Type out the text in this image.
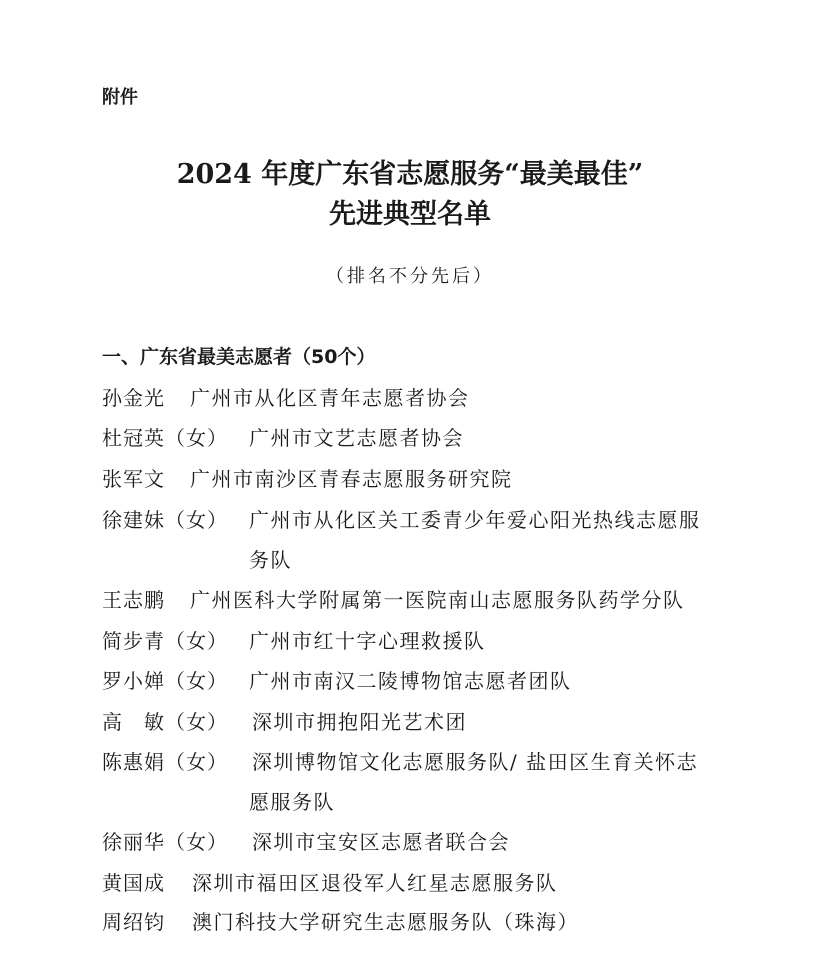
附件
2024 年度广东省志愿服务“最美最佳”
先进典型名单
（排名不分先后）
一、广东省最美志愿者（50个）
孙金光 广州市从化区青年志愿者协会
杜冠英（女） 广州市文艺志愿者协会
张军文 广州市南沙区青春志愿服务研究院
徐建妹（女） 广州市从化区关工委青少年爱心阳光热线志愿服
务队
王志鹏 广州医科大学附属第一医院南山志愿服务队药学分队
简步青（女） 广州市红十字心理救援队
罗小婵（女） 广州市南汉二陵博物馆志愿者团队
高　敏（女） 深圳市拥抱阳光艺术团
陈惠娟（女） 深圳博物馆文化志愿服务队/ 盐田区生育关怀志
愿服务队
徐丽华（女） 深圳市宝安区志愿者联合会
黄国成 深圳市福田区退役军人红星志愿服务队
周绍钧 澳门科技大学研究生志愿服务队（珠海）
